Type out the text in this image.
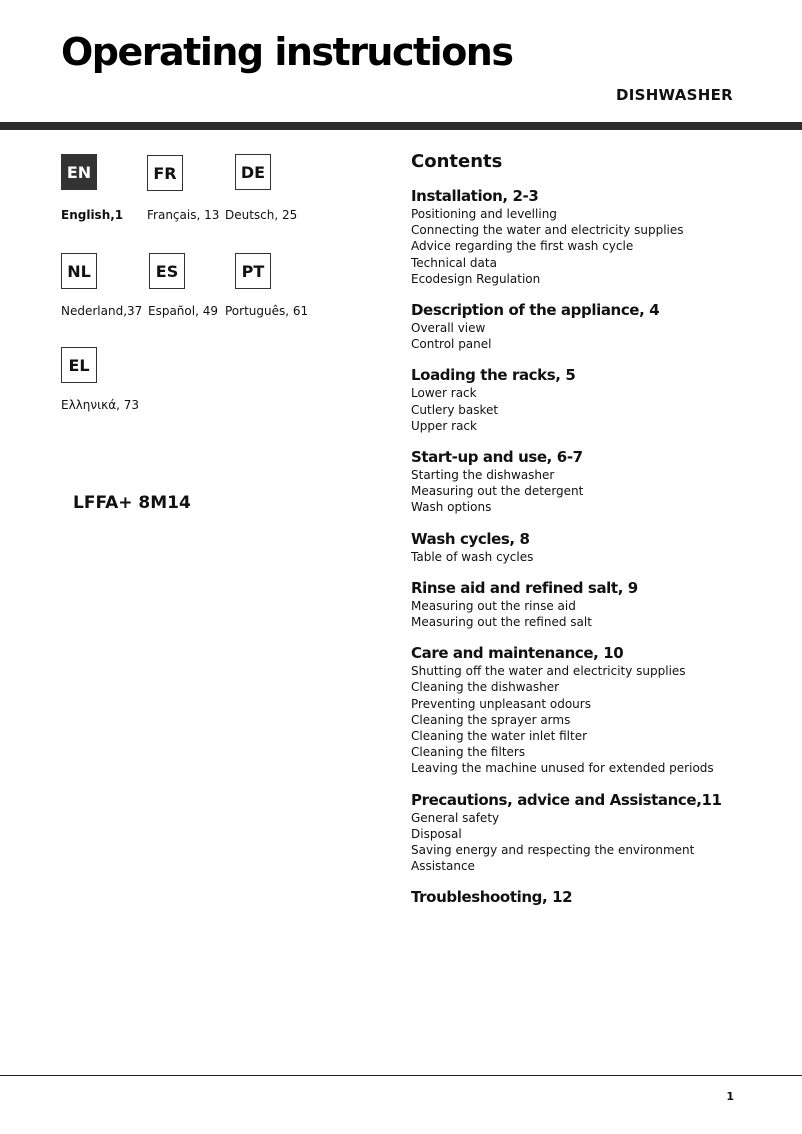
Operating instructions
DISHWASHER
EN	FR	DE
English,1 Français, 13 Deutsch, 25
NL	ES	PT
Nederland,37 Español, 49 Português, 61
EL
Ελληνικά, 73
LFFA+ 8M14
Contents
Installation, 2-3
Positioning and levelling
Connecting the water and electricity supplies
Advice regarding the first wash cycle
Technical data
Ecodesign Regulation
Description of the appliance, 4
Overall view
Control panel
Loading the racks, 5
Lower rack
Cutlery basket
Upper rack
Start-up and use, 6-7
Starting the dishwasher
Measuring out the detergent
Wash options
Wash cycles, 8
Table of wash cycles
Rinse aid and refined salt, 9
Measuring out the rinse aid
Measuring out the refined salt
Care and maintenance, 10
Shutting off the water and electricity supplies
Cleaning the dishwasher
Preventing unpleasant odours
Cleaning the sprayer arms
Cleaning the water inlet filter
Cleaning the filters
Leaving the machine unused for extended periods
Precautions, advice and Assistance,11
General safety
Disposal
Saving energy and respecting the environment
Assistance
Troubleshooting, 12
1
